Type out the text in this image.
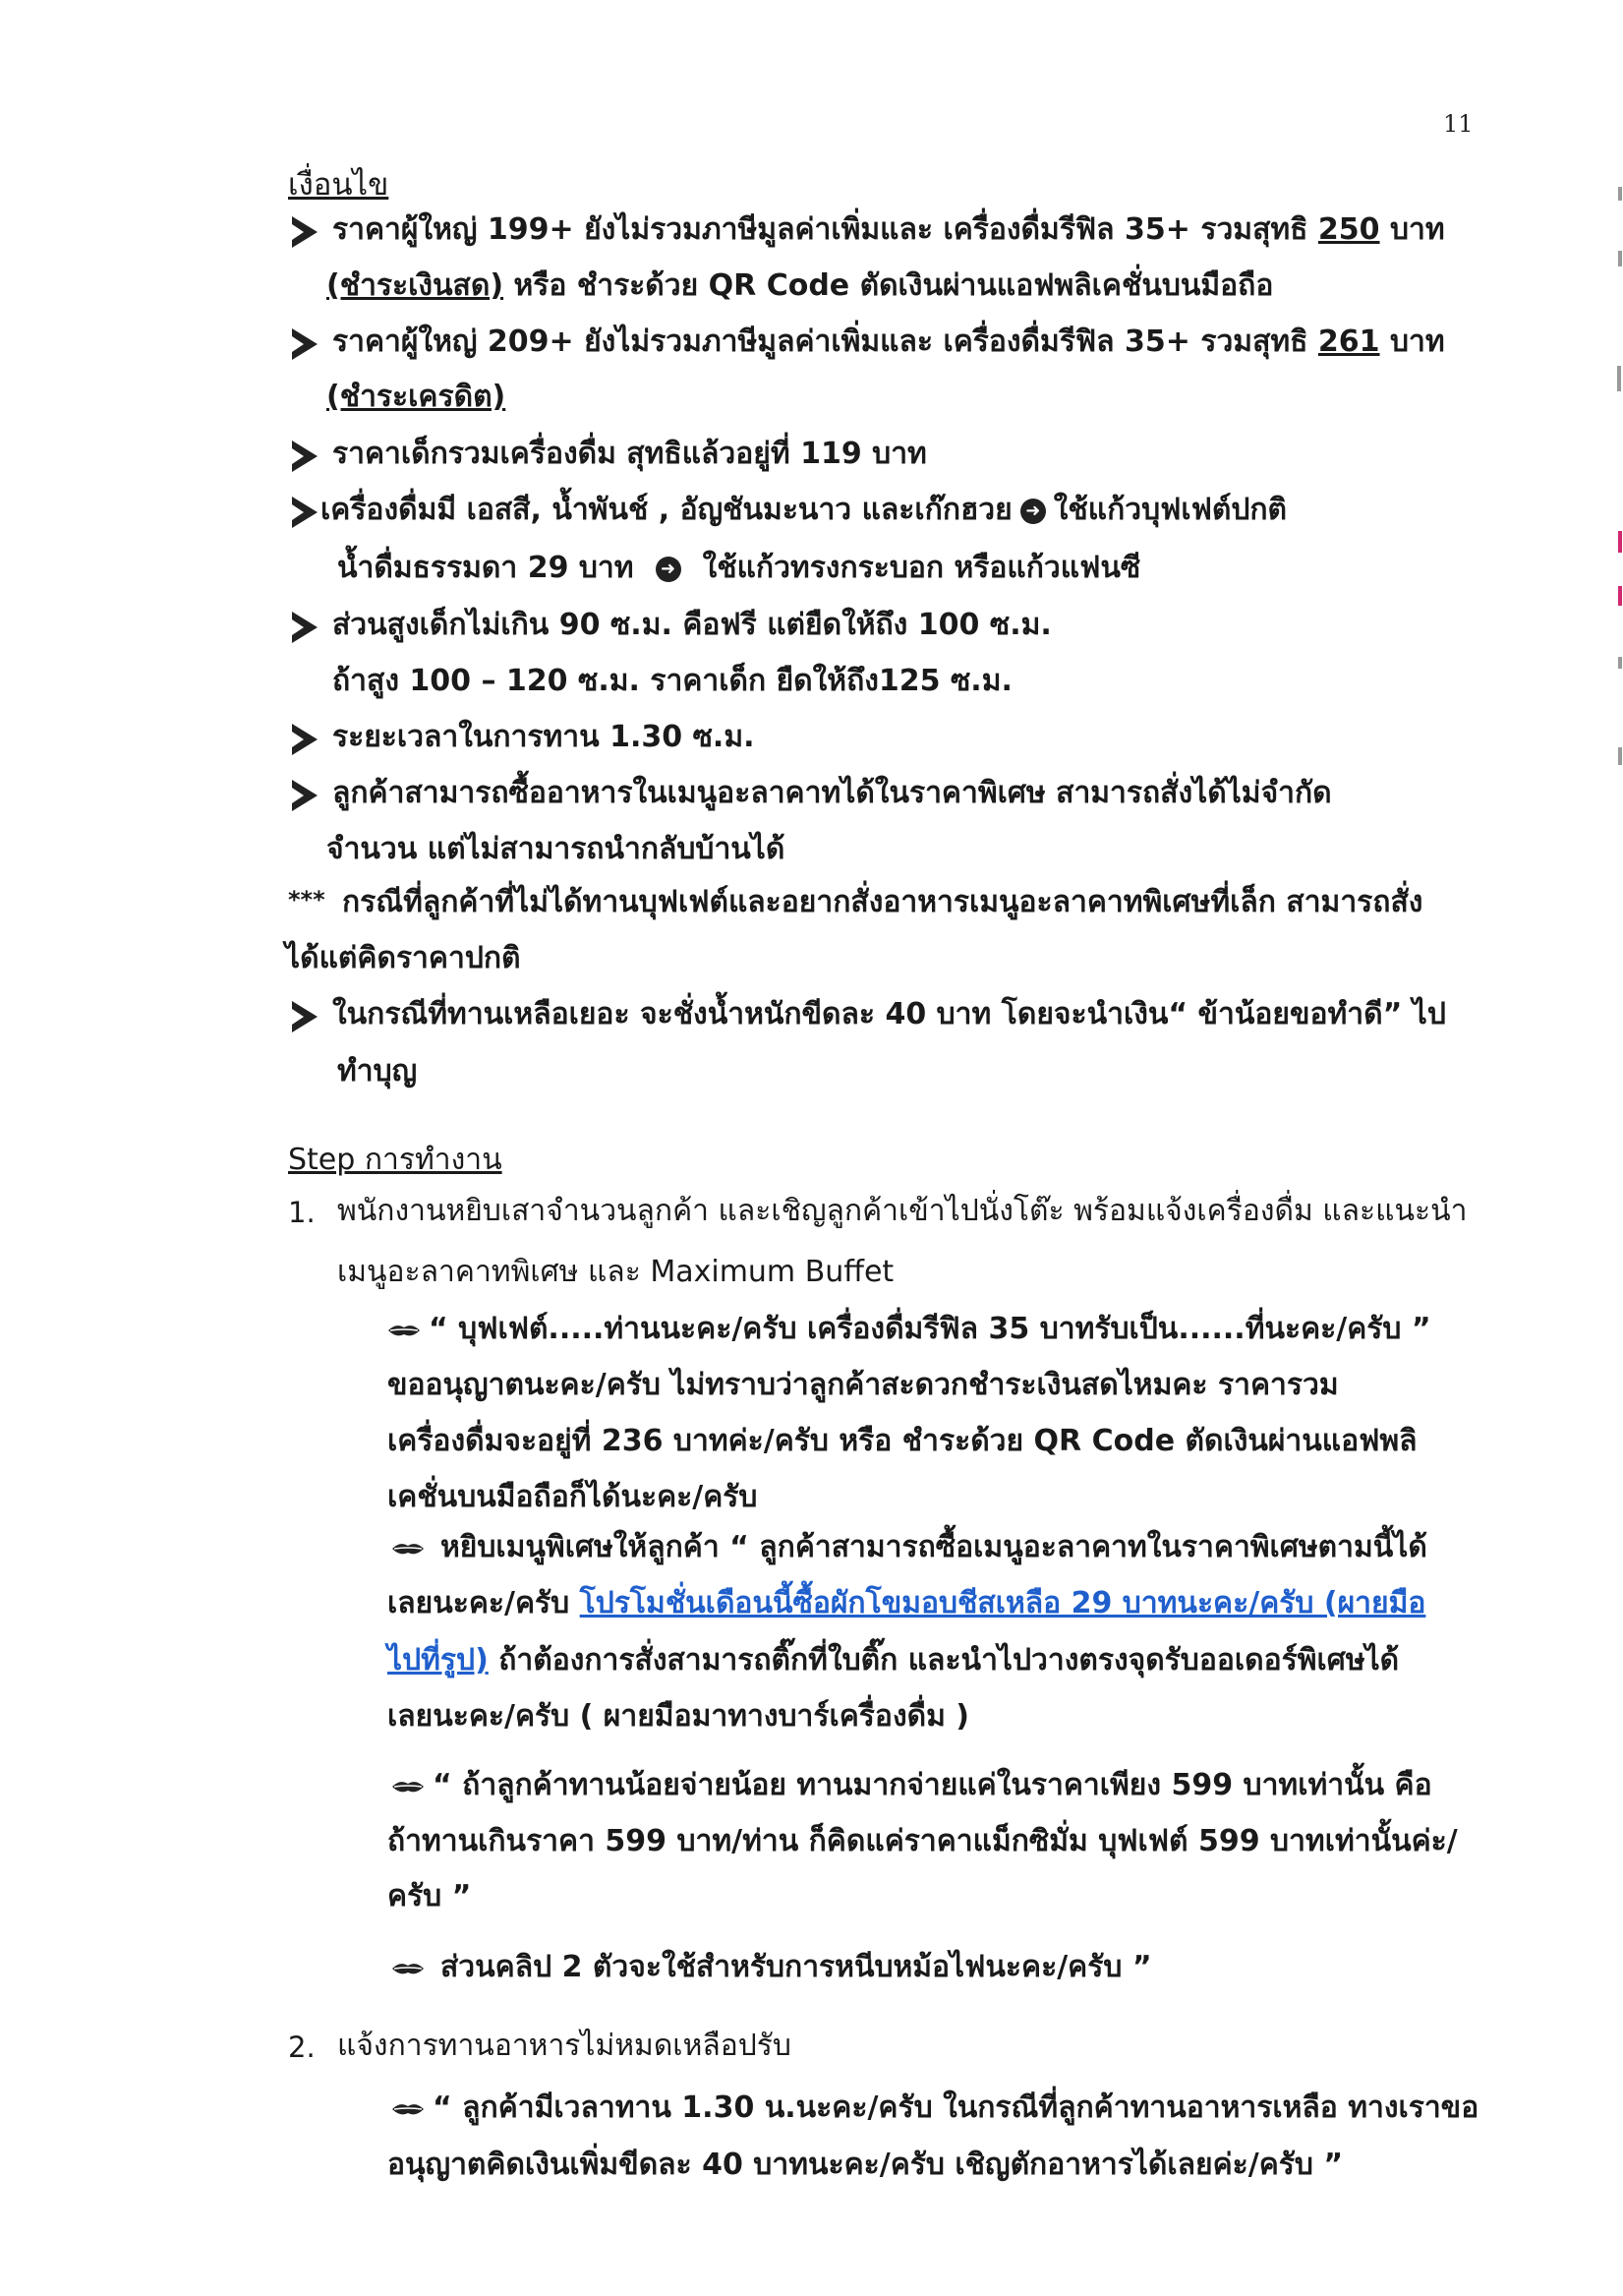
11
เงื่อนไข
ราคาผู้ใหญ่ 199+ ยังไม่รวมภาษีมูลค่าเพิ่มและ เครื่องดื่มรีฟิล 35+ รวมสุทธิ 250 บาท
(ชำระเงินสด) หรือ ชำระด้วย QR Code ตัดเงินผ่านแอฟพลิเคชั่นบนมือถือ
ราคาผู้ใหญ่ 209+ ยังไม่รวมภาษีมูลค่าเพิ่มและ เครื่องดื่มรีฟิล 35+ รวมสุทธิ 261 บาท
(ชำระเครดิต)
ราคาเด็กรวมเครื่องดื่ม สุทธิแล้วอยู่ที่ 119 บาท
เครื่องดื่มมี เอสสี, น้ำพันช์ , อัญชันมะนาว และเก๊กฮวย ➜ ใช้แก้วบุฟเฟต์ปกติ
น้ำดื่มธรรมดา 29 บาท ➜ ใช้แก้วทรงกระบอก หรือแก้วแฟนซี
ส่วนสูงเด็กไม่เกิน 90 ซ.ม. คือฟรี แต่ยืดให้ถึง 100 ซ.ม.
ถ้าสูง 100 – 120 ซ.ม. ราคาเด็ก ยืดให้ถึง125 ซ.ม.
ระยะเวลาในการทาน 1.30 ซ.ม.
ลูกค้าสามารถซื้ออาหารในเมนูอะลาคาทได้ในราคาพิเศษ สามารถสั่งได้ไม่จำกัด
จำนวน แต่ไม่สามารถนำกลับบ้านได้
*** กรณีที่ลูกค้าที่ไม่ได้ทานบุฟเฟต์และอยากสั่งอาหารเมนูอะลาคาทพิเศษที่เล็ก สามารถสั่ง
ได้แต่คิดราคาปกติ
ในกรณีที่ทานเหลือเยอะ จะชั่งน้ำหนักขีดละ 40 บาท โดยจะนำเงิน“ ข้าน้อยขอทำดี” ไป
ทำบุญ
Step การทำงาน
1. พนักงานหยิบเสาจำนวนลูกค้า และเชิญลูกค้าเข้าไปนั่งโต๊ะ พร้อมแจ้งเครื่องดื่ม และแนะนำ
เมนูอะลาคาทพิเศษ และ Maximum Buffet
“ บุฟเฟต์.....ท่านนะคะ/ครับ เครื่องดื่มรีฟิล 35 บาทรับเป็น......ที่นะคะ/ครับ ”
ขออนุญาตนะคะ/ครับ ไม่ทราบว่าลูกค้าสะดวกชำระเงินสดไหมคะ ราคารวม
เครื่องดื่มจะอยู่ที่ 236 บาทค่ะ/ครับ หรือ ชำระด้วย QR Code ตัดเงินผ่านแอฟพลิ
เคชั่นบนมือถือก็ได้นะคะ/ครับ
หยิบเมนูพิเศษให้ลูกค้า “ ลูกค้าสามารถซื้อเมนูอะลาคาทในราคาพิเศษตามนี้ได้
เลยนะคะ/ครับ โปรโมชั่นเดือนนี้ซื้อผักโขมอบชีสเหลือ 29 บาทนะคะ/ครับ (ผายมือ
ไปที่รูป) ถ้าต้องการสั่งสามารถติ๊กที่ใบติ๊ก และนำไปวางตรงจุดรับออเดอร์พิเศษได้
เลยนะคะ/ครับ ( ผายมือมาทางบาร์เครื่องดื่ม )
“ ถ้าลูกค้าทานน้อยจ่ายน้อย ทานมากจ่ายแค่ในราคาเพียง 599 บาทเท่านั้น คือ
ถ้าทานเกินราคา 599 บาท/ท่าน ก็คิดแค่ราคาแม็กซิมั่ม บุฟเฟต์ 599 บาทเท่านั้นค่ะ/
ครับ ”
ส่วนคลิป 2 ตัวจะใช้สำหรับการหนีบหม้อไฟนะคะ/ครับ ”
2. แจ้งการทานอาหารไม่หมดเหลือปรับ
“ ลูกค้ามีเวลาทาน 1.30 น.นะคะ/ครับ ในกรณีที่ลูกค้าทานอาหารเหลือ ทางเราขอ
อนุญาตคิดเงินเพิ่มขีดละ 40 บาทนะคะ/ครับ เชิญตักอาหารได้เลยค่ะ/ครับ ”
